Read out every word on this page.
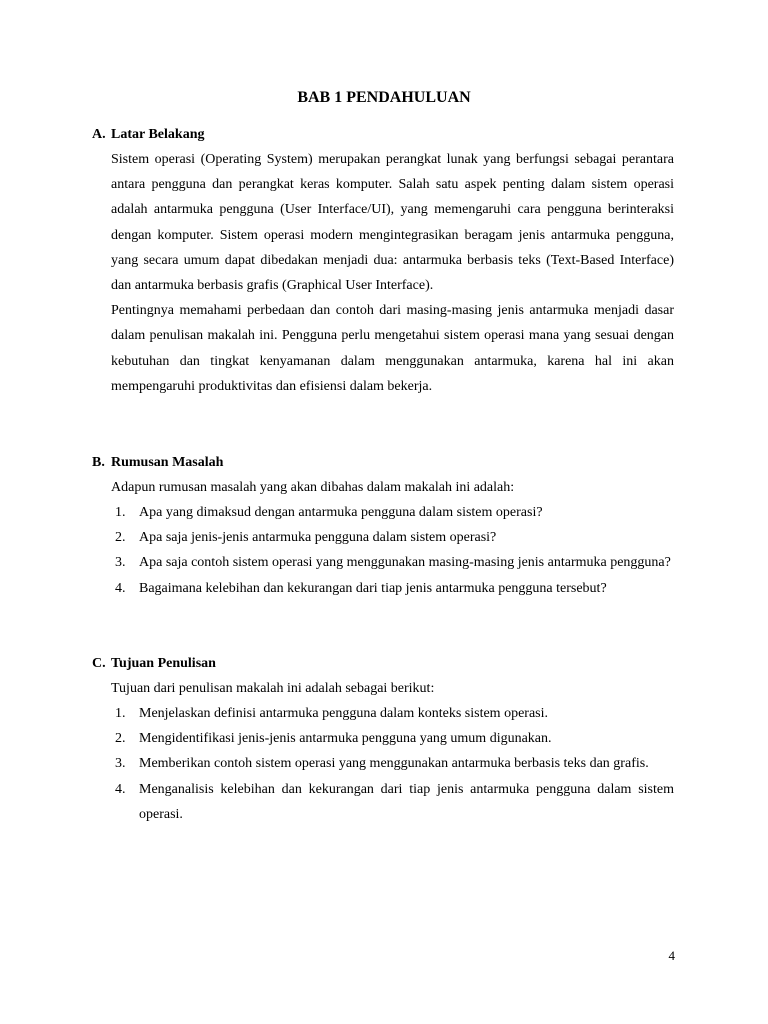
BAB 1 PENDAHULUAN
A. Latar Belakang

Sistem operasi (Operating System) merupakan perangkat lunak yang berfungsi sebagai perantara antara pengguna dan perangkat keras komputer. Salah satu aspek penting dalam sistem operasi adalah antarmuka pengguna (User Interface/UI), yang memengaruhi cara pengguna berinteraksi dengan komputer. Sistem operasi modern mengintegrasikan beragam jenis antarmuka pengguna, yang secara umum dapat dibedakan menjadi dua: antarmuka berbasis teks (Text-Based Interface) dan antarmuka berbasis grafis (Graphical User Interface).

Pentingnya memahami perbedaan dan contoh dari masing-masing jenis antarmuka menjadi dasar dalam penulisan makalah ini. Pengguna perlu mengetahui sistem operasi mana yang sesuai dengan kebutuhan dan tingkat kenyamanan dalam menggunakan antarmuka, karena hal ini akan mempengaruhi produktivitas dan efisiensi dalam bekerja.

B. Rumusan Masalah
Adapun rumusan masalah yang akan dibahas dalam makalah ini adalah:
1. Apa yang dimaksud dengan antarmuka pengguna dalam sistem operasi?
2. Apa saja jenis-jenis antarmuka pengguna dalam sistem operasi?
3. Apa saja contoh sistem operasi yang menggunakan masing-masing jenis antarmuka pengguna?
4. Bagaimana kelebihan dan kekurangan dari tiap jenis antarmuka pengguna tersebut?
C. Tujuan Penulisan
Tujuan dari penulisan makalah ini adalah sebagai berikut:
1. Menjelaskan definisi antarmuka pengguna dalam konteks sistem operasi.
2. Mengidentifikasi jenis-jenis antarmuka pengguna yang umum digunakan.
3. Memberikan contoh sistem operasi yang menggunakan antarmuka berbasis teks dan grafis.
4. Menganalisis kelebihan dan kekurangan dari tiap jenis antarmuka pengguna dalam sistem operasi.
4
